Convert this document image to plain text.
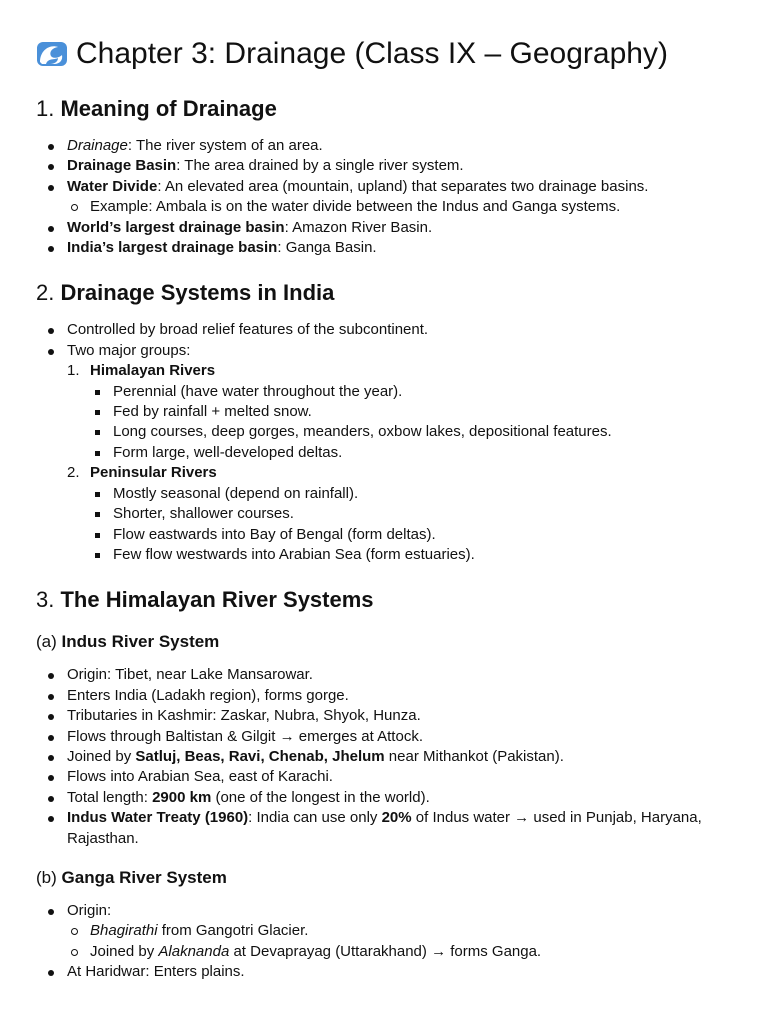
Chapter 3: Drainage (Class IX – Geography)
1. Meaning of Drainage
Drainage: The river system of an area.
Drainage Basin: The area drained by a single river system.
Water Divide: An elevated area (mountain, upland) that separates two drainage basins.
Example: Ambala is on the water divide between the Indus and Ganga systems.
World’s largest drainage basin: Amazon River Basin.
India’s largest drainage basin: Ganga Basin.
2. Drainage Systems in India
Controlled by broad relief features of the subcontinent.
Two major groups:
1. Himalayan Rivers
Perennial (have water throughout the year).
Fed by rainfall + melted snow.
Long courses, deep gorges, meanders, oxbow lakes, depositional features.
Form large, well-developed deltas.
2. Peninsular Rivers
Mostly seasonal (depend on rainfall).
Shorter, shallower courses.
Flow eastwards into Bay of Bengal (form deltas).
Few flow westwards into Arabian Sea (form estuaries).
3. The Himalayan River Systems
(a) Indus River System
Origin: Tibet, near Lake Mansarowar.
Enters India (Ladakh region), forms gorge.
Tributaries in Kashmir: Zaskar, Nubra, Shyok, Hunza.
Flows through Baltistan & Gilgit → emerges at Attock.
Joined by Satluj, Beas, Ravi, Chenab, Jhelum near Mithankot (Pakistan).
Flows into Arabian Sea, east of Karachi.
Total length: 2900 km (one of the longest in the world).
Indus Water Treaty (1960): India can use only 20% of Indus water → used in Punjab, Haryana, Rajasthan.
(b) Ganga River System
Origin:
Bhagirathi from Gangotri Glacier.
Joined by Alaknanda at Devaprayag (Uttarakhand) → forms Ganga.
At Haridwar: Enters plains.
